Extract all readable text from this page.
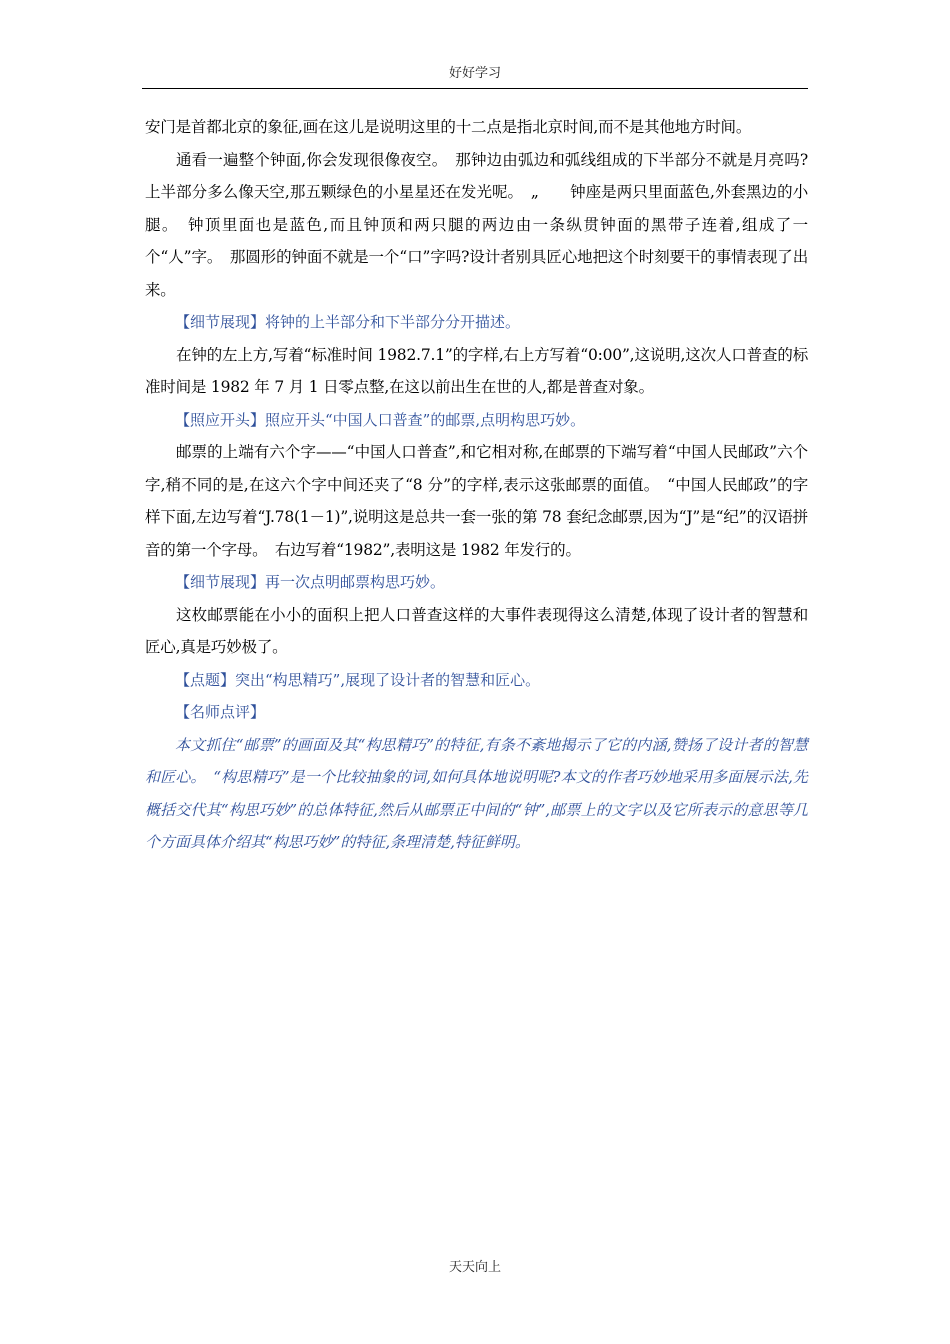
好好学习

安门是首都北京的象征,画在这儿是说明这里的十二点是指北京时间,而不是其他地方时间。

通看一遍整个钟面,你会发现很像夜空。　那钟边由弧边和弧线组成的下半部分不就是月亮吗?上半部分多么像天空,那五颗绿色的小星星还在发光呢。　„　　钟座是两只里面蓝色,外套黑边的小腿。　钟顶里面也是蓝色,而且钟顶和两只腿的两边由一条纵贯钟面的黑带子连着,组成了一个“人”字。　那圆形的钟面不就是一个“口”字吗?设计者别具匠心地把这个时刻要干的事情表现了出来。

【细节展现】将钟的上半部分和下半部分分开描述。

在钟的左上方,写着“标准时间 1982.7.1”的字样,右上方写着“0:00”,这说明,这次人口普查的标准时间是 1982 年 7 月 1 日零点整,在这以前出生在世的人,都是普查对象。

【照应开头】照应开头“中国人口普查”的邮票,点明构思巧妙。

邮票的上端有六个字——“中国人口普查”,和它相对称,在邮票的下端写着“中国人民邮政”六个字,稍不同的是,在这六个字中间还夹了“8 分”的字样,表示这张邮票的面值。　“中国人民邮政”的字样下面,左边写着“J.78(1－1)”,说明这是总共一套一张的第 78 套纪念邮票,因为“J”是“纪”的汉语拼音的第一个字母。　右边写着“1982”,表明这是 1982 年发行的。

【细节展现】再一次点明邮票构思巧妙。

这枚邮票能在小小的面积上把人口普查这样的大事件表现得这么清楚,体现了设计者的智慧和匠心,真是巧妙极了。

【点题】突出“构思精巧”,展现了设计者的智慧和匠心。

【名师点评】

本文抓住“邮票”的画面及其“构思精巧”的特征,有条不紊地揭示了它的内涵,赞扬了设计者的智慧和匠心。　“构思精巧”是一个比较抽象的词,如何具体地说明呢?本文的作者巧妙地采用多面展示法,先概括交代其“构思巧妙”的总体特征,然后从邮票正中间的“钟”,邮票上的文字以及它所表示的意思等几个方面具体介绍其“构思巧妙”的特征,条理清楚,特征鲜明。

天天向上
